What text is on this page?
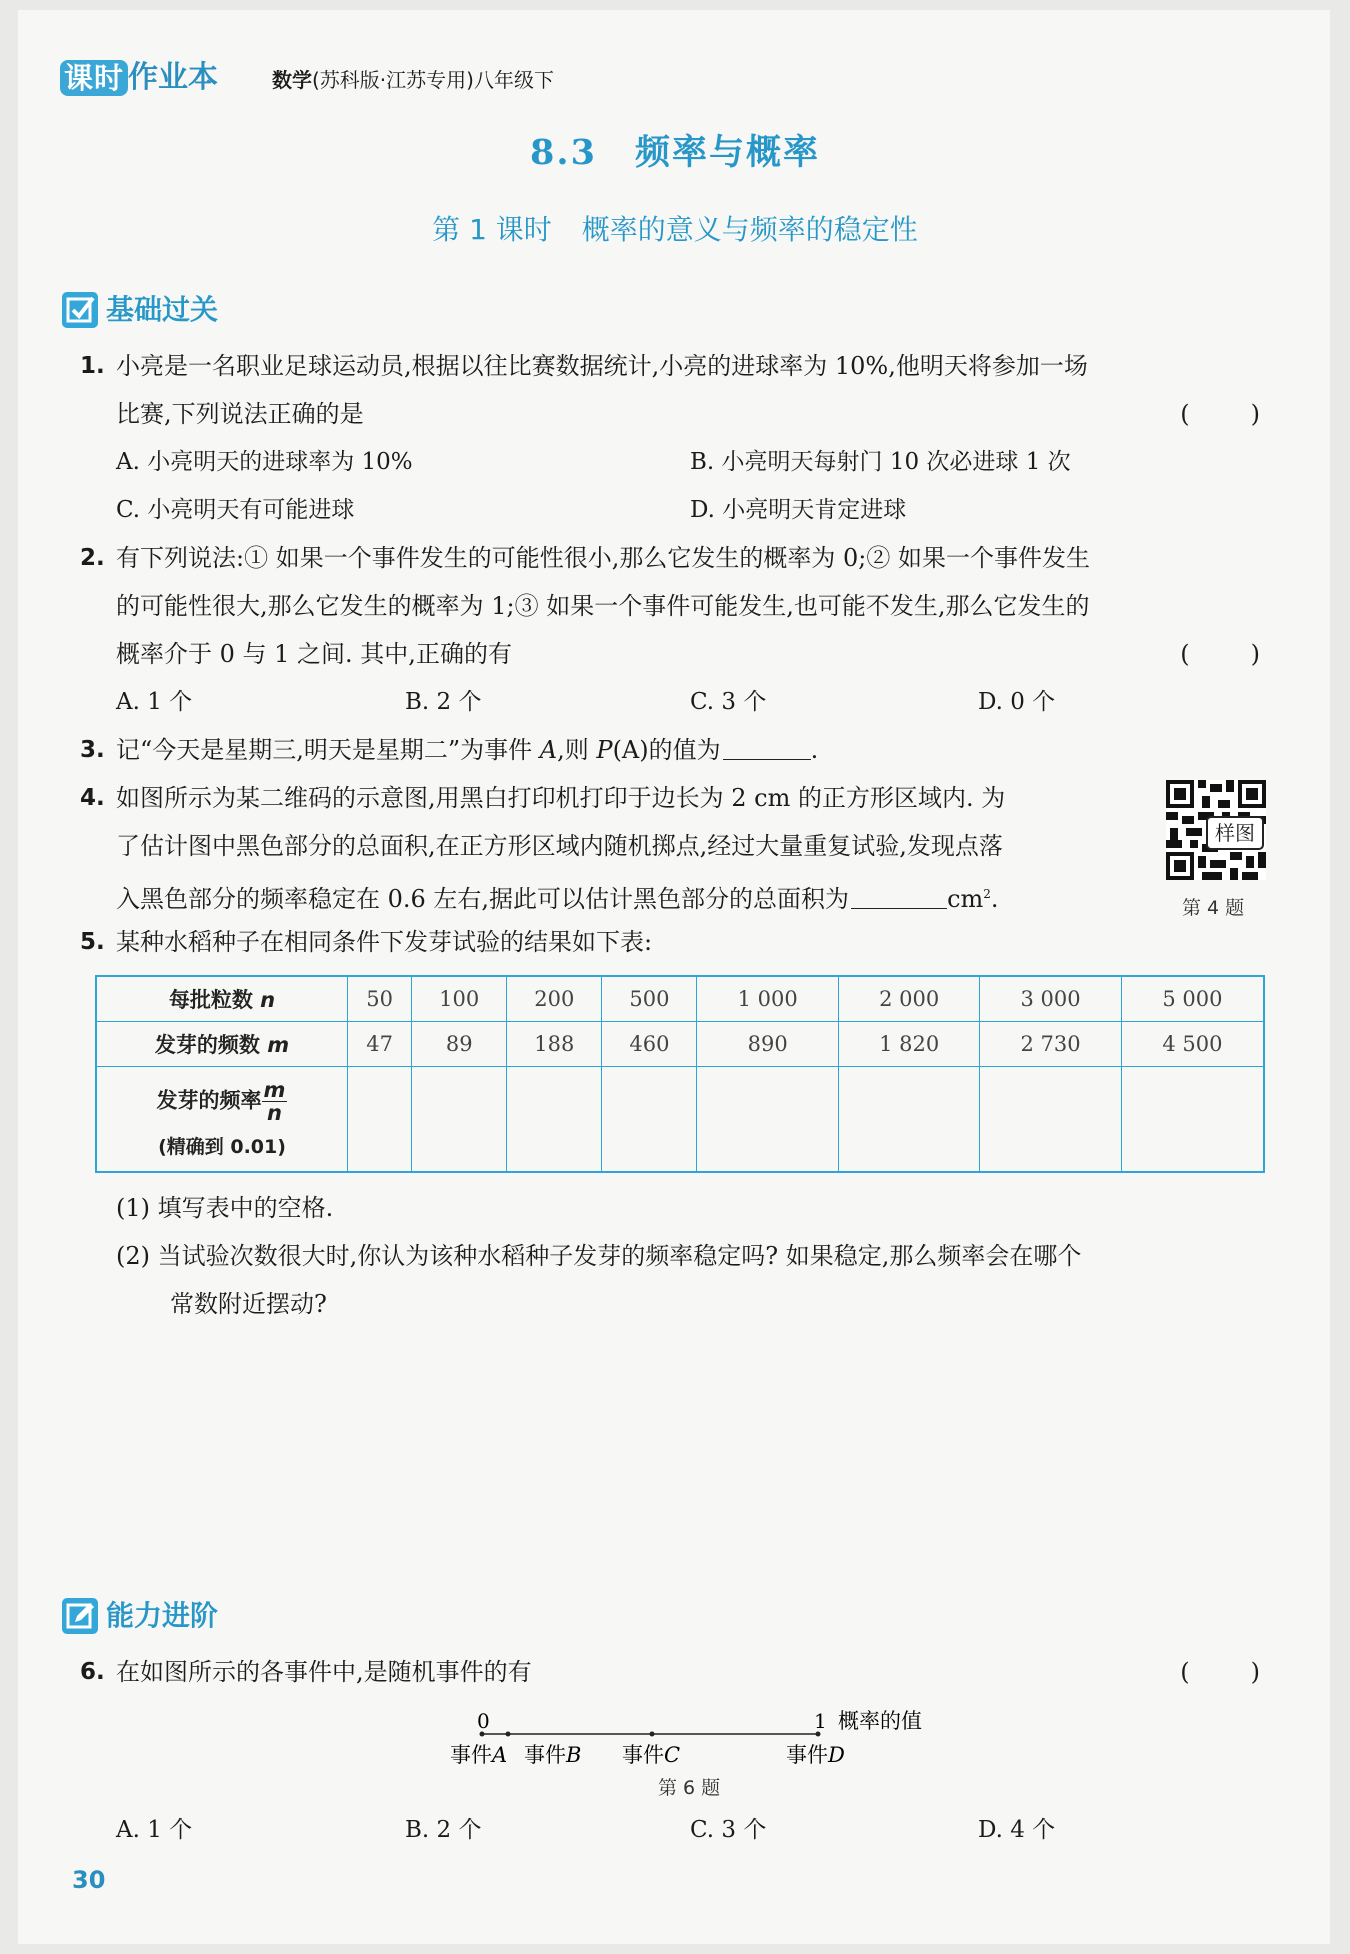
课时 作业本	数学(苏科版·江苏专用)八年级下
8.3 频率与概率
第 1 课时 概率的意义与频率的稳定性
基础过关
1. 小亮是一名职业足球运动员,根据以往比赛数据统计,小亮的进球率为 10%,他明天将参加一场
比赛,下列说法正确的是	(        )
A. 小亮明天的进球率为 10%	B. 小亮明天每射门 10 次必进球 1 次
C. 小亮明天有可能进球	D. 小亮明天肯定进球
2. 有下列说法:① 如果一个事件发生的可能性很小,那么它发生的概率为 0;② 如果一个事件发生
的可能性很大,那么它发生的概率为 1;③ 如果一个事件可能发生,也可能不发生,那么它发生的
概率介于 0 与 1 之间. 其中,正确的有	(        )
A. 1 个	B. 2 个	C. 3 个	D. 0 个
3. 记“今天是星期三,明天是星期二”为事件 A,则 P(A)的值为	.
4. 如图所示为某二维码的示意图,用黑白打印机打印于边长为 2 cm 的正方形区域内. 为
了估计图中黑色部分的总面积,在正方形区域内随机掷点,经过大量重复试验,发现点落
入黑色部分的频率稳定在 0.6 左右,据此可以估计黑色部分的总面积为	$cm^2$.
样图
第 4 题
5. 某种水稻种子在相同条件下发芽试验的结果如下表:
每批粒数 n	50	100	200	500	1 000	2 000	3 000	5 000
发芽的频数 m	47	89	188	460	890	1 820	2 730	4 500

发芽的频率 $\frac{m}{n}$
(精确到 0.01)								

(1) 填写表中的空格.
(2) 当试验次数很大时,你认为该种水稻种子发芽的频率稳定吗? 如果稳定,那么频率会在哪个
常数附近摆动?
能力进阶
6. 在如图所示的各事件中,是随机事件的有	(        )
0	1 概率的值
事件A 事件B 事件C	事件D
第 6 题
A. 1 个	B. 2 个	C. 3 个	D. 4 个
30
